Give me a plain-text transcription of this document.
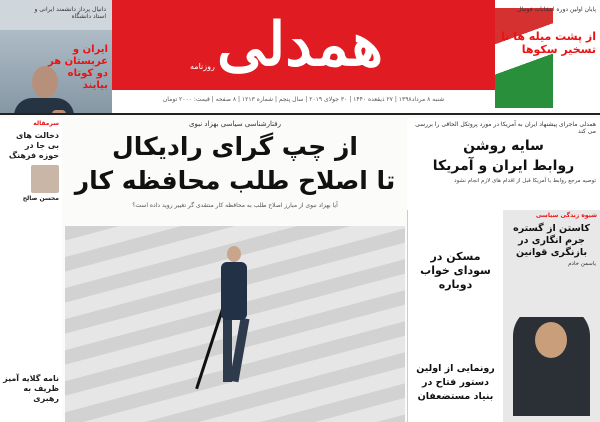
دانیال پرداز دانشمند ایرانی و استاد دانشگاه
ایران و عربستان هر دو کوتاه بیایند
همدلی
روزنامه
شنبه ۸ مرداد۱۳۹۸ | ۲۷ ذیقعده ۱۴۴۰ | ۳۰ جولای ۲۰۱۹ | سال پنجم | شماره ۱۲۱۳ | ۸ صفحه | قیمت: ۲۰۰۰ تومان
پایان اولین دوره انتخابات فوتبال
از پشت میله ها تا تسخیر سکوها
سرمقاله
دخالت های بی جا در حوزه فرهنگ
محسن صالح
نامه گلایه آمیز ظریف به رهبری
رفتارشناسی سیاسی بهزاد نبوی
از چپ گرای رادیکال
تا اصلاح طلب محافظه کار
آیا بهزاد نبوی از مبارز اصلاح طلب به محافظه کار منتقدی گر تغییر روید داده است؟
همدلی ماجرای پیشنهاد ایران به آمریکا در مورد پروتکل الحاقی را بررسی می کند
سایه روشن
روابط ایران و آمریکا
توصیه مرجع روابط با آمریکا قبل از اقدام های لازم انجام نشود
شیوه زندگی سیاسی
کاستن از گستره جرم انگاری در بازنگری قوانین
یاسمن خادم
مسکن در سودای خواب دوباره
رونمایی از اولین دستور فتاح در بنیاد مستضعفان
